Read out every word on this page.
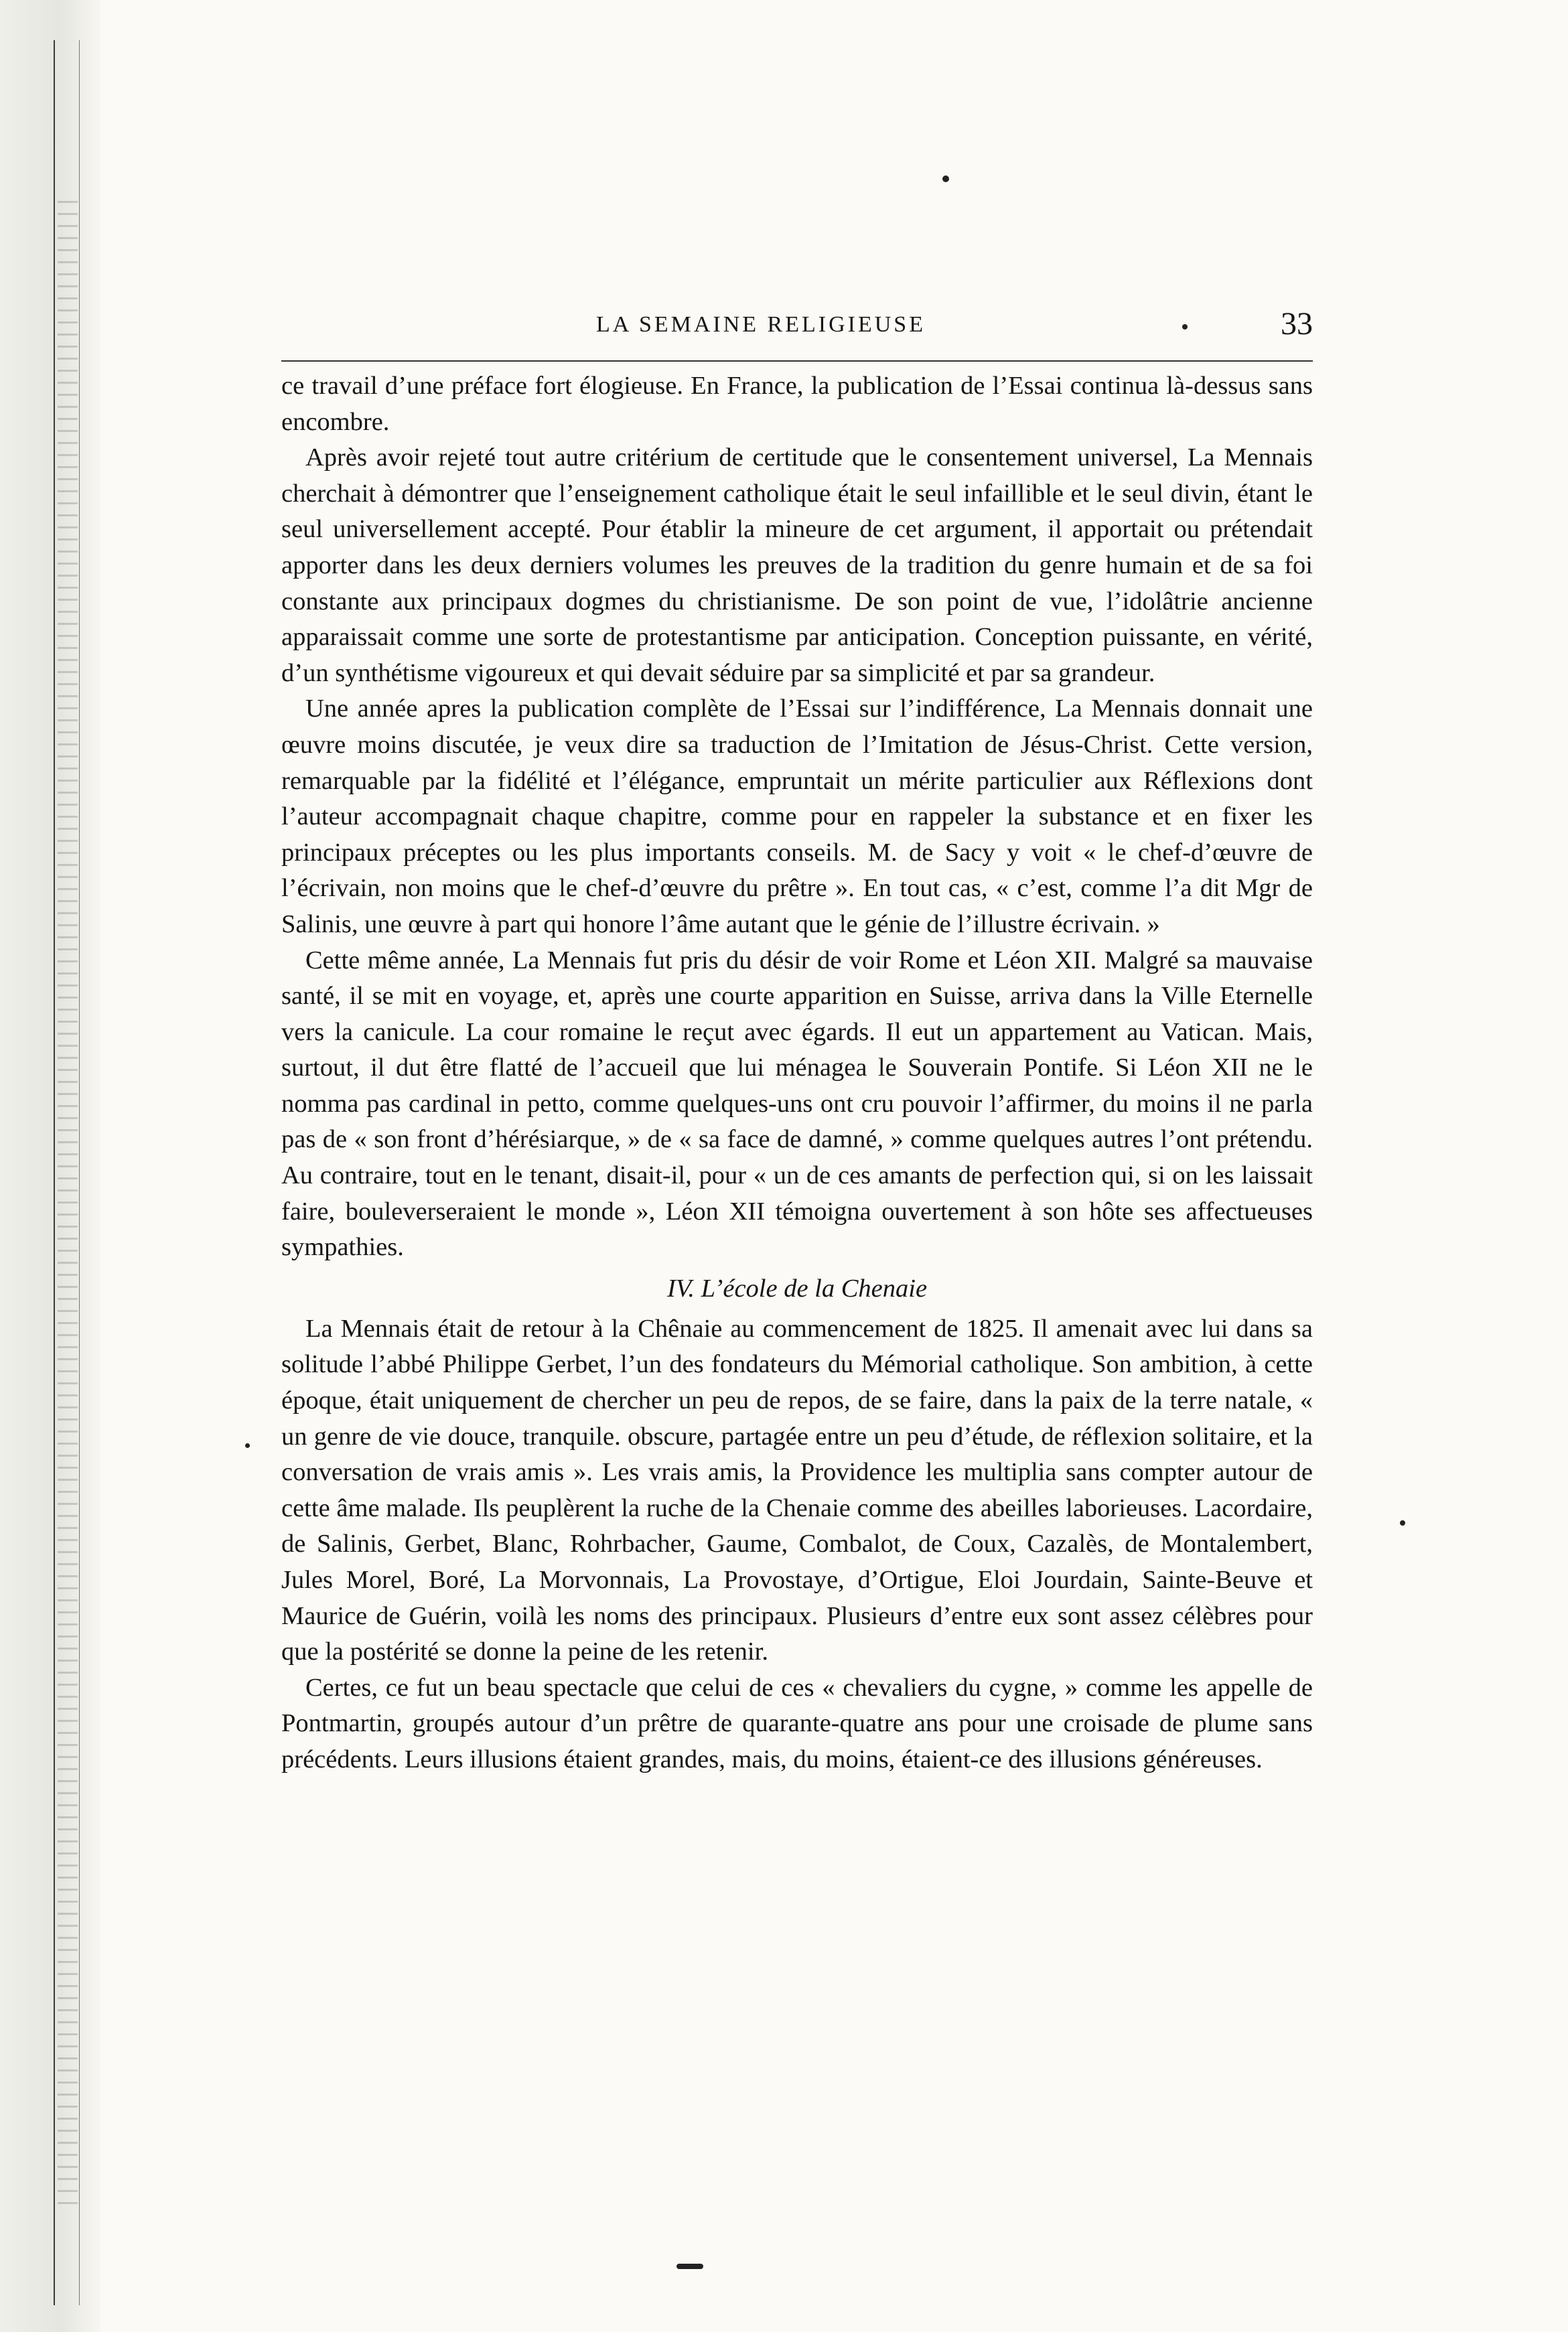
LA SEMAINE RELIGIEUSE	33

ce travail d’une préface fort élogieuse. En France, la publication de l’Essai continua là-dessus sans encombre.

Après avoir rejeté tout autre critérium de certitude que le consentement universel, La Mennais cherchait à démontrer que l’enseignement catholique était le seul infaillible et le seul divin, étant le seul universellement accepté. Pour établir la mineure de cet argument, il apportait ou prétendait apporter dans les deux derniers volumes les preuves de la tradition du genre humain et de sa foi constante aux principaux dogmes du christianisme. De son point de vue, l’idolâtrie ancienne apparaissait comme une sorte de protestantisme par anticipation. Conception puissante, en vérité, d’un synthétisme vigoureux et qui devait séduire par sa simplicité et par sa grandeur.

Une année apres la publication complète de l’Essai sur l’indifférence, La Mennais donnait une œuvre moins discutée, je veux dire sa traduction de l’Imitation de Jésus-Christ. Cette version, remarquable par la fidélité et l’élégance, empruntait un mérite particulier aux Réflexions dont l’auteur accompagnait chaque chapitre, comme pour en rappeler la substance et en fixer les principaux préceptes ou les plus importants conseils. M. de Sacy y voit « le chef-d’œuvre de l’écrivain, non moins que le chef-d’œuvre du prêtre ». En tout cas, « c’est, comme l’a dit Mgr de Salinis, une œuvre à part qui honore l’âme autant que le génie de l’illustre écrivain. »

Cette même année, La Mennais fut pris du désir de voir Rome et Léon XII. Malgré sa mauvaise santé, il se mit en voyage, et, après une courte apparition en Suisse, arriva dans la Ville Eternelle vers la canicule. La cour romaine le reçut avec égards. Il eut un appartement au Vatican. Mais, surtout, il dut être flatté de l’accueil que lui ménagea le Souverain Pontife. Si Léon XII ne le nomma pas cardinal in petto, comme quelques-uns ont cru pouvoir l’affirmer, du moins il ne parla pas de « son front d’hérésiarque, » de « sa face de damné, » comme quelques autres l’ont prétendu. Au contraire, tout en le tenant, disait-il, pour « un de ces amants de perfection qui, si on les laissait faire, bouleverseraient le monde », Léon XII témoigna ouvertement à son hôte ses affectueuses sympathies.

IV. L’école de la Chenaie

La Mennais était de retour à la Chênaie au commencement de 1825. Il amenait avec lui dans sa solitude l’abbé Philippe Gerbet, l’un des fondateurs du Mémorial catholique. Son ambition, à cette époque, était uniquement de chercher un peu de repos, de se faire, dans la paix de la terre natale, « un genre de vie douce, tranquile. obscure, partagée entre un peu d’étude, de réflexion solitaire, et la conversation de vrais amis ». Les vrais amis, la Providence les multiplia sans compter autour de cette âme malade. Ils peuplèrent la ruche de la Chenaie comme des abeilles laborieuses. Lacordaire, de Salinis, Gerbet, Blanc, Rohrbacher, Gaume, Combalot, de Coux, Cazalès, de Montalembert, Jules Morel, Boré, La Morvonnais, La Provostaye, d’Ortigue, Eloi Jourdain, Sainte-Beuve et Maurice de Guérin, voilà les noms des principaux. Plusieurs d’entre eux sont assez célèbres pour que la postérité se donne la peine de les retenir.

Certes, ce fut un beau spectacle que celui de ces « chevaliers du cygne, » comme les appelle de Pontmartin, groupés autour d’un prêtre de quarante-quatre ans pour une croisade de plume sans précédents. Leurs illusions étaient grandes, mais, du moins, étaient-ce des illusions généreuses.
